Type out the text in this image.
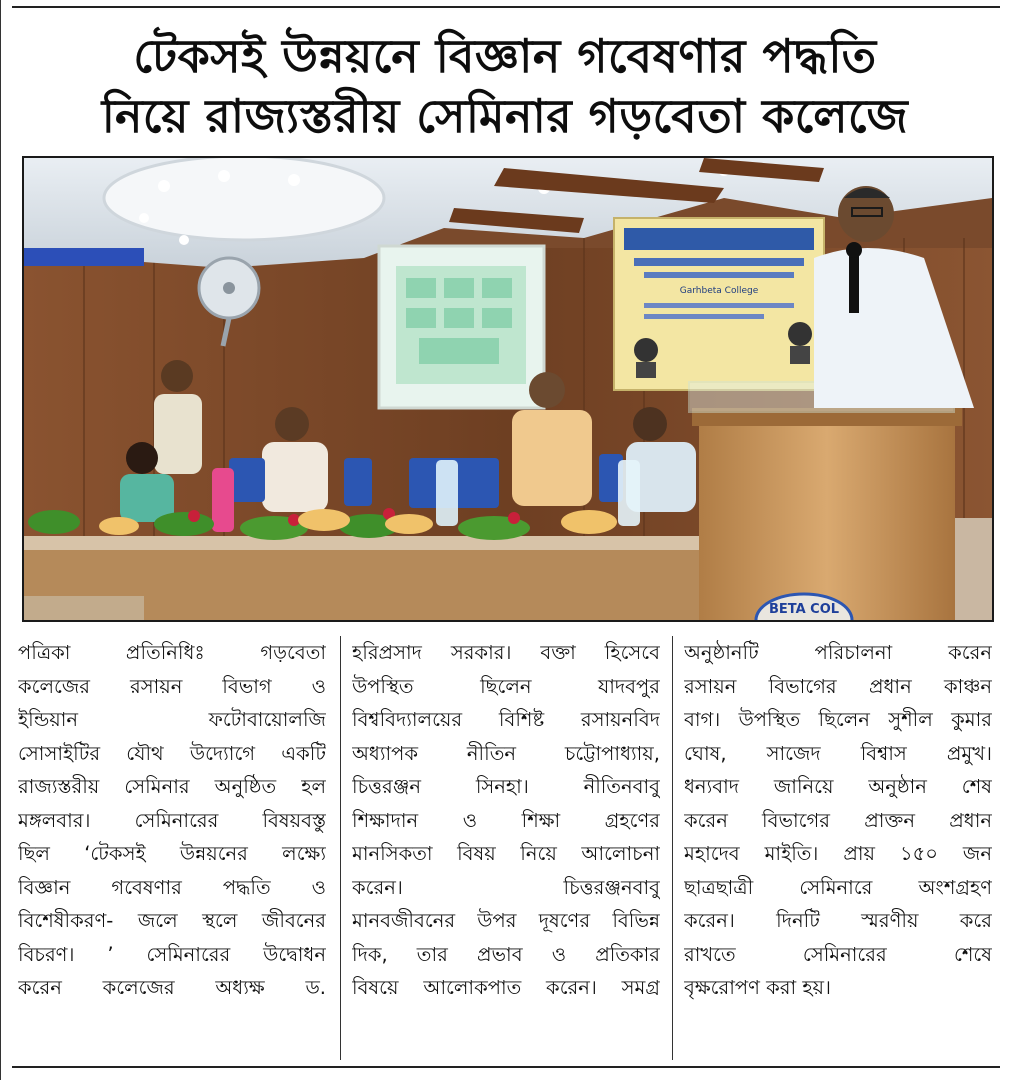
টেকসই উন্নয়নে বিজ্ঞান গবেষণার পদ্ধতি
নিয়ে রাজ্যস্তরীয় সেমিনার গড়বেতা কলেজে
Garhbeta College
BETA COL

পত্রিকা প্রতিনিধিঃ গড়বেতা
কলেজের রসায়ন বিভাগ ও
ইন্ডিয়ান ফটোবায়োলজি
সোসাইটির যৌথ উদ্যোগে একটি
রাজ্যস্তরীয় সেমিনার অনুষ্ঠিত হল
মঙ্গলবার। সেমিনারের বিষয়বস্তু
ছিল ‘টেকসই উন্নয়নের লক্ষ্যে
বিজ্ঞান গবেষণার পদ্ধতি ও
বিশেষীকরণ- জলে স্থলে জীবনের
বিচরণ। ’ সেমিনারের উদ্বোধন
করেন কলেজের অধ্যক্ষ ড.

হরিপ্রসাদ সরকার। বক্তা হিসেবে
উপস্থিত ছিলেন যাদবপুর
বিশ্ববিদ্যালয়ের বিশিষ্ট রসায়নবিদ
অধ্যাপক নীতিন চট্টোপাধ্যায়,
চিত্তরঞ্জন সিনহা। নীতিনবাবু
শিক্ষাদান ও শিক্ষা গ্রহণের
মানসিকতা বিষয় নিয়ে আলোচনা
করেন। চিত্তরঞ্জনবাবু
মানবজীবনের উপর দূষণের বিভিন্ন
দিক, তার প্রভাব ও প্রতিকার
বিষয়ে আলোকপাত করেন। সমগ্র

অনুষ্ঠানটি পরিচালনা করেন
রসায়ন বিভাগের প্রধান কাঞ্চন
বাগ। উপস্থিত ছিলেন সুশীল কুমার
ঘোষ, সাজেদ বিশ্বাস প্রমুখ।
ধন্যবাদ জানিয়ে অনুষ্ঠান শেষ
করেন বিভাগের প্রাক্তন প্রধান
মহাদেব মাইতি। প্রায় ১৫০ জন
ছাত্রছাত্রী সেমিনারে অংশগ্রহণ
করেন। দিনটি স্মরণীয় করে
রাখতে সেমিনারের শেষে
বৃক্ষরোপণ করা হয়।
